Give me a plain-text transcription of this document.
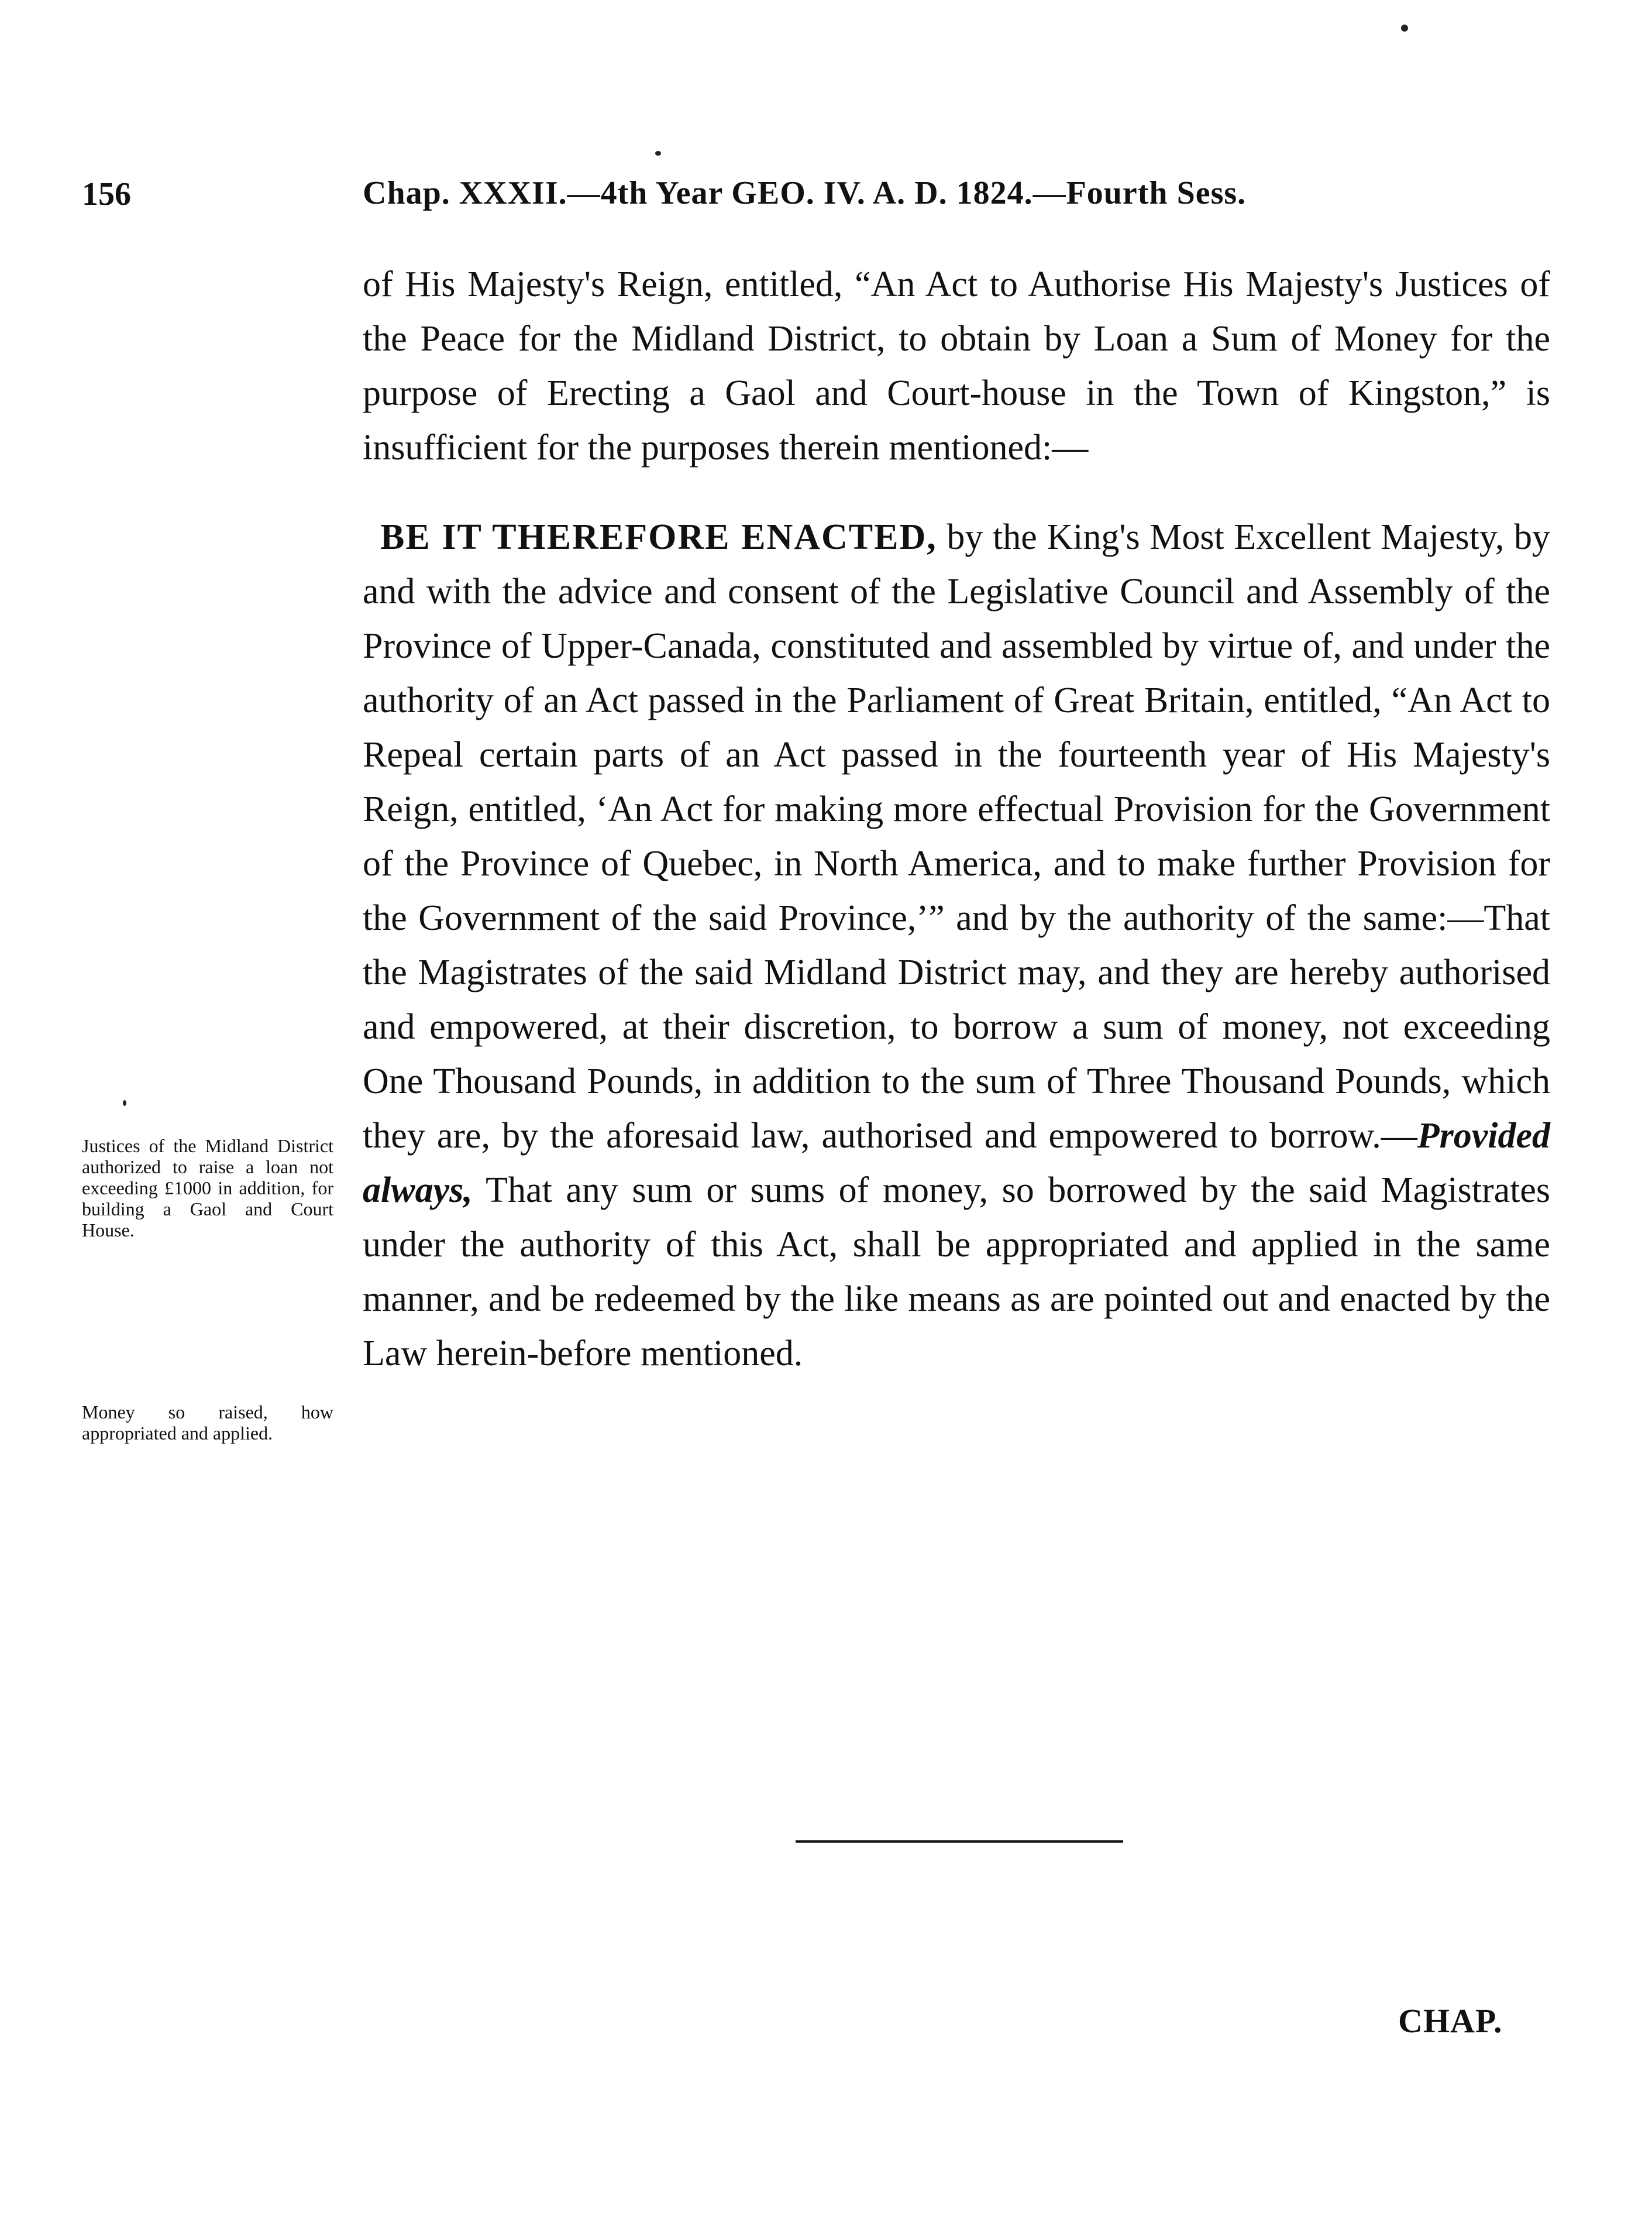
156	Chap. XXXII.—4th Year GEO. IV. A. D. 1824.—Fourth Sess.

of His Majesty's Reign, entitled, “An Act to Authorise His Majesty's Justices of the Peace for the Midland District, to obtain by Loan a Sum of Money for the purpose of Erecting a Gaol and Court-house in the Town of Kingston,” is insufficient for the purposes therein mentioned:—

BE IT THEREFORE ENACTED, by the King's Most Excellent Majesty, by and with the advice and consent of the Legislative Council and Assembly of the Province of Upper-Canada, constituted and assembled by virtue of, and under the authority of an Act passed in the Parliament of Great Britain, entitled, “An Act to Repeal certain parts of an Act passed in the fourteenth year of His Majesty's Reign, entitled, ‘An Act for making more effectual Provision for the Government of the Province of Quebec, in North America, and to make further Provision for the Government of the said Province,’” and by the authority of the same:—That the Magistrates of the said Midland District may, and they are hereby authorised and empowered, at their discretion, to borrow a sum of money, not exceeding One Thousand Pounds, in addition to the sum of Three Thousand Pounds, which they are, by the aforesaid law, authorised and empowered to borrow.—Provided always, That any sum or sums of money, so borrowed by the said Magistrates under the authority of this Act, shall be appropriated and applied in the same manner, and be redeemed by the like means as are pointed out and enacted by the Law herein-before mentioned.

Justices of the Midland District authorized to raise a loan not exceeding £1000 in addition, for building a Gaol and Court House.
Money so raised, how appropriated and applied.
CHAP.
